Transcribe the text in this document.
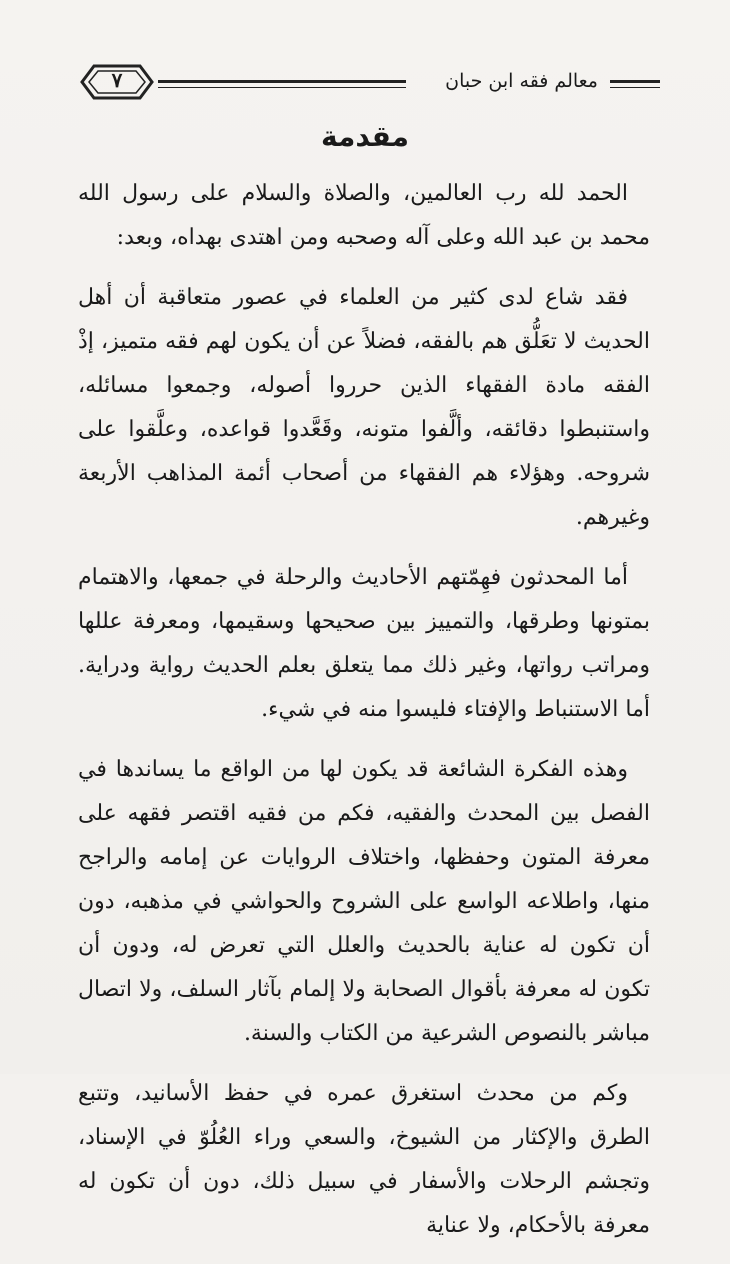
٧	معالم فقه ابن حبان
مقدمة

الحمد لله رب العالمين، والصلاة والسلام على رسول الله محمد بن عبد الله وعلى آله وصحبه ومن اهتدى بهداه، وبعد:

فقد شاع لدى كثير من العلماء في عصور متعاقبة أن أهل الحديث لا تعَلُّق هم بالفقه، فضلاً عن أن يكون لهم فقه متميز، إذْ الفقه مادة الفقهاء الذين حرروا أصوله، وجمعوا مسائله، واستنبطوا دقائقه، وألَّفوا متونه، وقَعَّدوا قواعده، وعلَّقوا على شروحه. وهؤلاء هم الفقهاء من أصحاب أئمة المذاهب الأربعة وغيرهم.

أما المحدثون فهِمّتهم الأحاديث والرحلة في جمعها، والاهتمام بمتونها وطرقها، والتمييز بين صحيحها وسقيمها، ومعرفة عللها ومراتب رواتها، وغير ذلك مما يتعلق بعلم الحديث رواية ودراية. أما الاستنباط والإفتاء فليسوا منه في شيء.

وهذه الفكرة الشائعة قد يكون لها من الواقع ما يساندها في الفصل بين المحدث والفقيه، فكم من فقيه اقتصر فقهه على معرفة المتون وحفظها، واختلاف الروايات عن إمامه والراجح منها، واطلاعه الواسع على الشروح والحواشي في مذهبه، دون أن تكون له عناية بالحديث والعلل التي تعرض له، ودون أن تكون له معرفة بأقوال الصحابة ولا إلمام بآثار السلف، ولا اتصال مباشر بالنصوص الشرعية من الكتاب والسنة.

وكم من محدث استغرق عمره في حفظ الأسانيد، وتتبع الطرق والإكثار من الشيوخ، والسعي وراء العُلُوّ في الإسناد، وتجشم الرحلات والأسفار في سبيل ذلك، دون أن تكون له معرفة بالأحكام، ولا عناية
